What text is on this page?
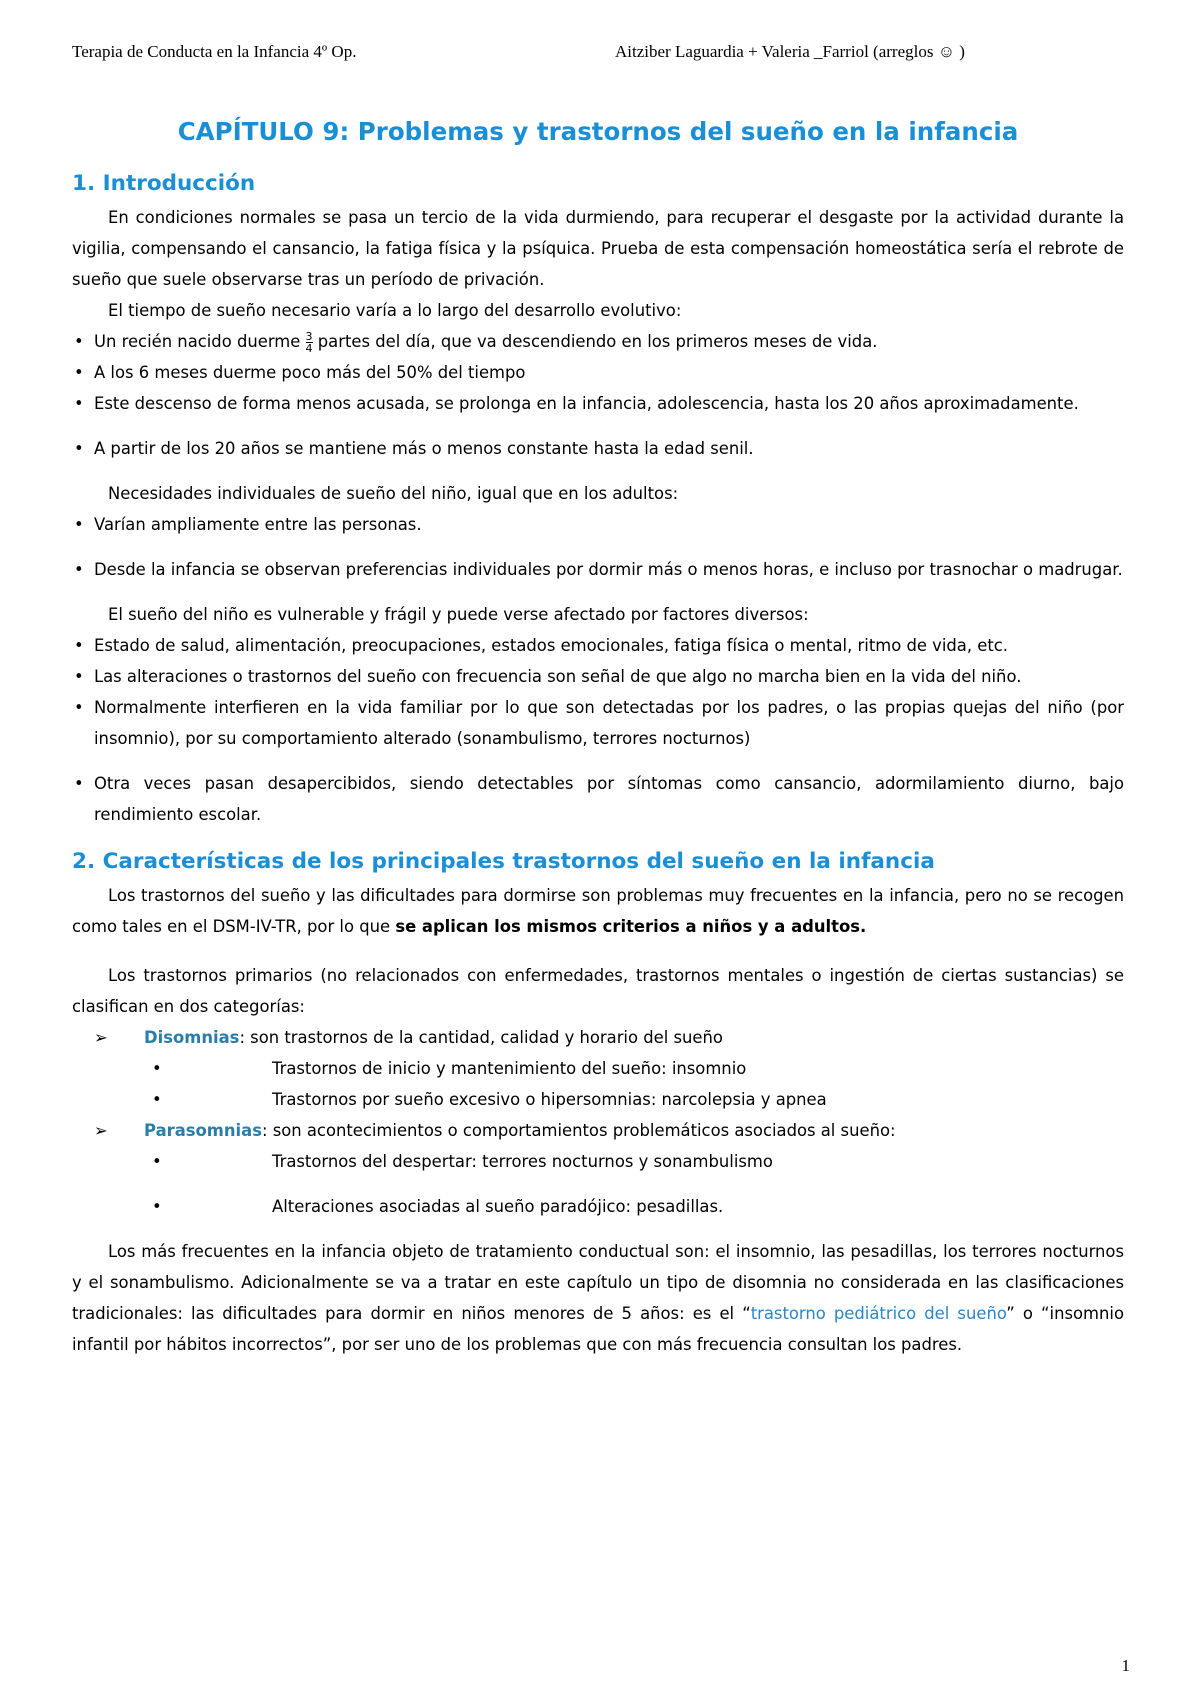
Terapia de Conducta en la Infancia 4º Op.	Aitziber Laguardia + Valeria _Farriol (arreglos ☺ )
CAPÍTULO 9: Problemas y trastornos del sueño en la infancia
1. Introducción

En condiciones normales se pasa un tercio de la vida durmiendo, para recuperar el desgaste por la actividad durante la vigilia, compensando el cansancio, la fatiga física y la psíquica. Prueba de esta compensación homeostática sería el rebrote de sueño que suele observarse tras un período de privación.

El tiempo de sueño necesario varía a lo largo del desarrollo evolutivo:

• Un recién nacido duerme $\frac{3}{4}$ partes del día, que va descendiendo en los primeros meses de vida.
• A los 6 meses duerme poco más del 50% del tiempo
• Este descenso de forma menos acusada, se prolonga en la infancia, adolescencia, hasta los 20 años aproximadamente.
• A partir de los 20 años se mantiene más o menos constante hasta la edad senil.

Necesidades individuales de sueño del niño, igual que en los adultos:

• Varían ampliamente entre las personas.
• Desde la infancia se observan preferencias individuales por dormir más o menos horas, e incluso por trasnochar o madrugar.

El sueño del niño es vulnerable y frágil y puede verse afectado por factores diversos:

• Estado de salud, alimentación, preocupaciones, estados emocionales, fatiga física o mental, ritmo de vida, etc.
• Las alteraciones o trastornos del sueño con frecuencia son señal de que algo no marcha bien en la vida del niño.
• Normalmente interfieren en la vida familiar por lo que son detectadas por los padres, o las propias quejas del niño (por insomnio), por su comportamiento alterado (sonambulismo, terrores nocturnos)
• Otra veces pasan desapercibidos, siendo detectables por síntomas como cansancio, adormilamiento diurno, bajo rendimiento escolar.
2. Características de los principales trastornos del sueño en la infancia

Los trastornos del sueño y las dificultades para dormirse son problemas muy frecuentes en la infancia, pero no se recogen como tales en el DSM-IV-TR, por lo que se aplican los mismos criterios a niños y a adultos.

Los trastornos primarios (no relacionados con enfermedades, trastornos mentales o ingestión de ciertas sustancias) se clasifican en dos categorías:

➢ Disomnias: son trastornos de la cantidad, calidad y horario del sueño
• Trastornos de inicio y mantenimiento del sueño: insomnio
• Trastornos por sueño excesivo o hipersomnias: narcolepsia y apnea
➢ Parasomnias: son acontecimientos o comportamientos problemáticos asociados al sueño:
• Trastornos del despertar: terrores nocturnos y sonambulismo
• Alteraciones asociadas al sueño paradójico: pesadillas.

Los más frecuentes en la infancia objeto de tratamiento conductual son: el insomnio, las pesadillas, los terrores nocturnos y el sonambulismo. Adicionalmente se va a tratar en este capítulo un tipo de disomnia no considerada en las clasificaciones tradicionales: las dificultades para dormir en niños menores de 5 años: es el “trastorno pediátrico del sueño” o “insomnio infantil por hábitos incorrectos”, por ser uno de los problemas que con más frecuencia consultan los padres.

1
